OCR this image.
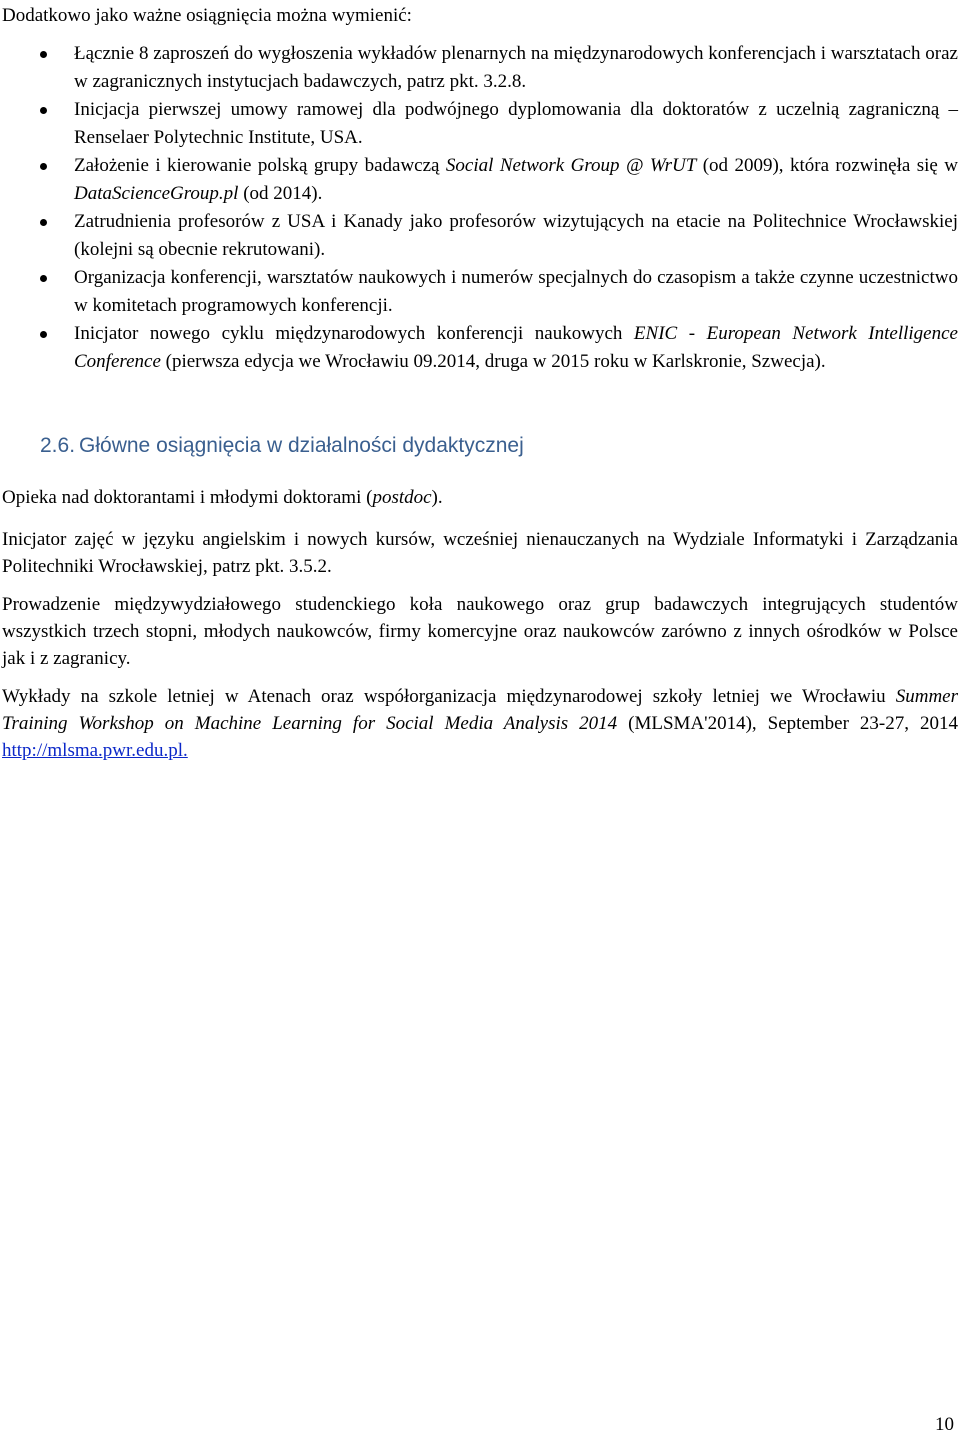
Dodatkowo jako ważne osiągnięcia można wymienić:

Łącznie 8 zaproszeń do wygłoszenia wykładów plenarnych na międzynarodowych konferencjach i warsztatach oraz w zagranicznych instytucjach badawczych, patrz pkt. 3.2.8.
Inicjacja pierwszej umowy ramowej dla podwójnego dyplomowania dla doktoratów z uczelnią zagraniczną – Renselaer Polytechnic Institute, USA.
Założenie i kierowanie polską grupy badawczą Social Network Group @ WrUT (od 2009), która rozwinęła się w DataScienceGroup.pl (od 2014).
Zatrudnienia profesorów z USA i Kanady jako profesorów wizytujących na etacie na Politechnice Wrocławskiej (kolejni są obecnie rekrutowani).
Organizacja konferencji, warsztatów naukowych i numerów specjalnych do czasopism a także czynne uczestnictwo w komitetach programowych konferencji.
Inicjator nowego cyklu międzynarodowych konferencji naukowych ENIC - European Network Intelligence Conference (pierwsza edycja we Wrocławiu 09.2014, druga w 2015 roku w Karlskronie, Szwecja).
2.6. Główne osiągnięcia w działalności dydaktycznej

Opieka nad doktorantami i młodymi doktorami (postdoc).

Inicjator zajęć w języku angielskim i nowych kursów, wcześniej nienauczanych na Wydziale Informatyki i Zarządzania Politechniki Wrocławskiej, patrz pkt. 3.5.2.

Prowadzenie międzywydziałowego studenckiego koła naukowego oraz grup badawczych integrujących studentów wszystkich trzech stopni, młodych naukowców, firmy komercyjne oraz naukowców zarówno z innych ośrodków w Polsce jak i z zagranicy.

Wykłady na szkole letniej w Atenach oraz współorganizacja międzynarodowej szkoły letniej we Wrocławiu Summer Training Workshop on Machine Learning for Social Media Analysis 2014 (MLSMA'2014), September 23-27, 2014 http://mlsma.pwr.edu.pl.

10
